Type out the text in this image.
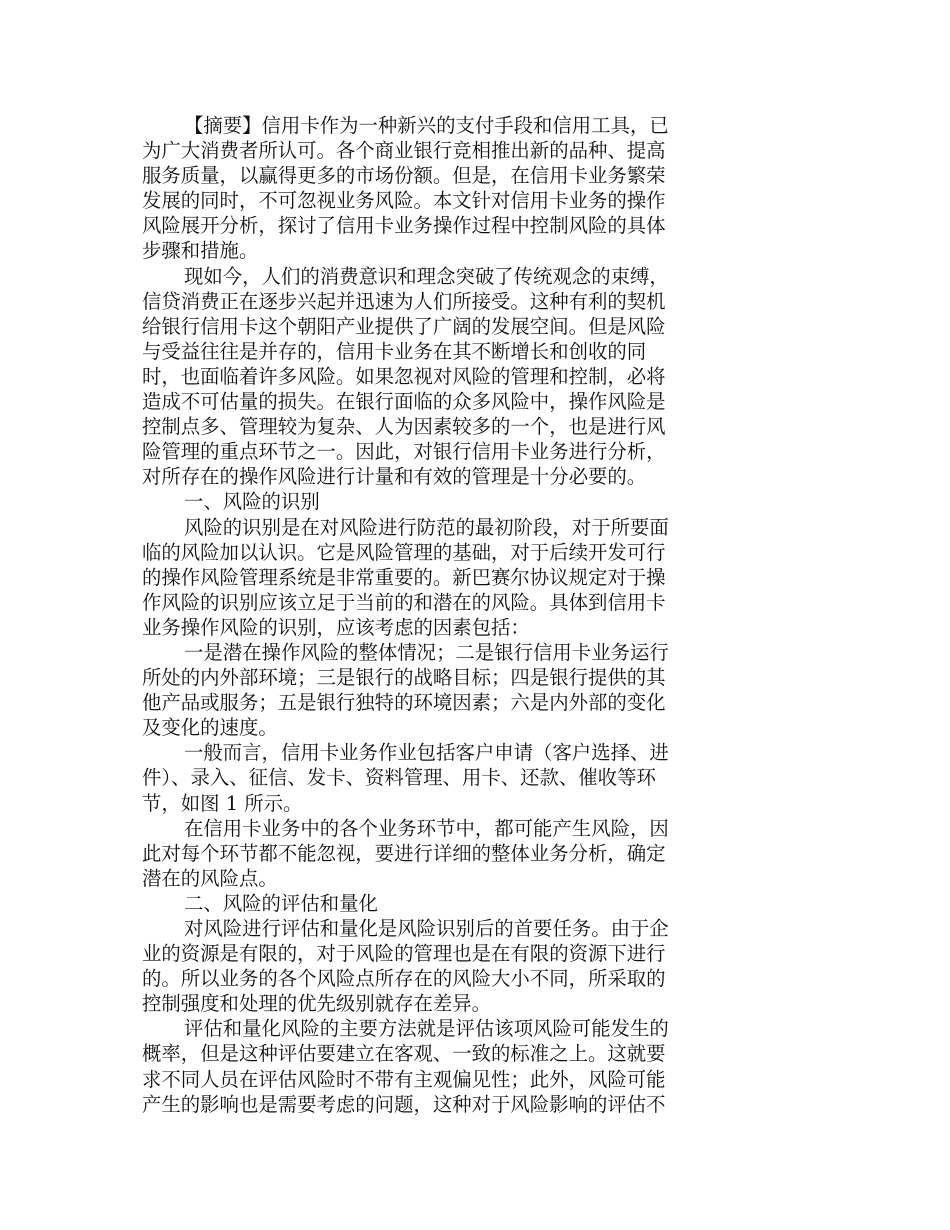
【摘要】信用卡作为一种新兴的支付手段和信用工具，已
为广大消费者所认可。各个商业银行竞相推出新的品种、提高
服务质量，以赢得更多的市场份额。但是，在信用卡业务繁荣
发展的同时，不可忽视业务风险。本文针对信用卡业务的操作
风险展开分析，探讨了信用卡业务操作过程中控制风险的具体
步骤和措施。
现如今，人们的消费意识和理念突破了传统观念的束缚，
信贷消费正在逐步兴起并迅速为人们所接受。这种有利的契机
给银行信用卡这个朝阳产业提供了广阔的发展空间。但是风险
与受益往往是并存的，信用卡业务在其不断增长和创收的同
时，也面临着许多风险。如果忽视对风险的管理和控制，必将
造成不可估量的损失。在银行面临的众多风险中，操作风险是
控制点多、管理较为复杂、人为因素较多的一个，也是进行风
险管理的重点环节之一。因此，对银行信用卡业务进行分析，
对所存在的操作风险进行计量和有效的管理是十分必要的。
一、风险的识别
风险的识别是在对风险进行防范的最初阶段，对于所要面
临的风险加以认识。它是风险管理的基础，对于后续开发可行
的操作风险管理系统是非常重要的。新巴赛尔协议规定对于操
作风险的识别应该立足于当前的和潜在的风险。具体到信用卡
业务操作风险的识别，应该考虑的因素包括：
一是潜在操作风险的整体情况；二是银行信用卡业务运行
所处的内外部环境；三是银行的战略目标；四是银行提供的其
他产品或服务；五是银行独特的环境因素；六是内外部的变化
及变化的速度。
一般而言，信用卡业务作业包括客户申请（客户选择、进
件）、录入、征信、发卡、资料管理、用卡、还款、催收等环
节，如图 1 所示。
在信用卡业务中的各个业务环节中，都可能产生风险，因
此对每个环节都不能忽视，要进行详细的整体业务分析，确定
潜在的风险点。
二、风险的评估和量化
对风险进行评估和量化是风险识别后的首要任务。由于企
业的资源是有限的，对于风险的管理也是在有限的资源下进行
的。所以业务的各个风险点所存在的风险大小不同，所采取的
控制强度和处理的优先级别就存在差异。
评估和量化风险的主要方法就是评估该项风险可能发生的
概率，但是这种评估要建立在客观、一致的标准之上。这就要
求不同人员在评估风险时不带有主观偏见性；此外，风险可能
产生的影响也是需要考虑的问题，这种对于风险影响的评估不
